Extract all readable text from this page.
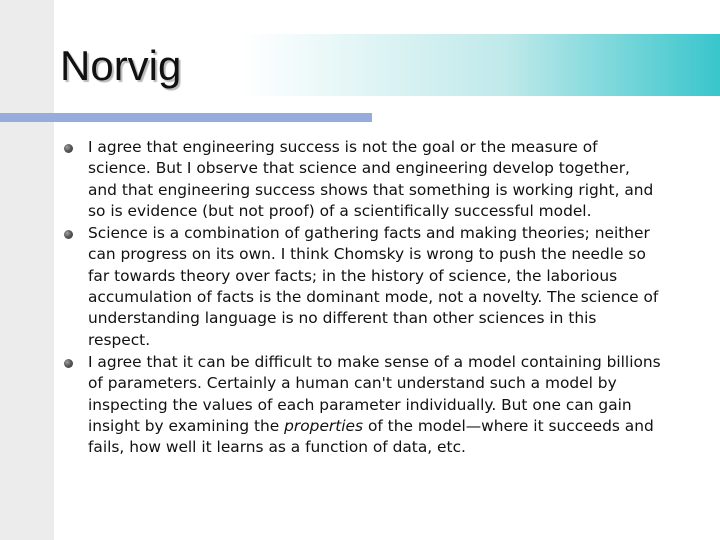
Norvig
I agree that engineering success is not the goal or the measure of science. But I observe that science and engineering develop together, and that engineering success shows that something is working right, and so is evidence (but not proof) of a scientifically successful model.
Science is a combination of gathering facts and making theories; neither can progress on its own. I think Chomsky is wrong to push the needle so far towards theory over facts; in the history of science, the laborious accumulation of facts is the dominant mode, not a novelty. The science of understanding language is no different than other sciences in this respect.
I agree that it can be difficult to make sense of a model containing billions of parameters. Certainly a human can't understand such a model by inspecting the values of each parameter individually. But one can gain insight by examining the properties of the model—where it succeeds and fails, how well it learns as a function of data, etc.
